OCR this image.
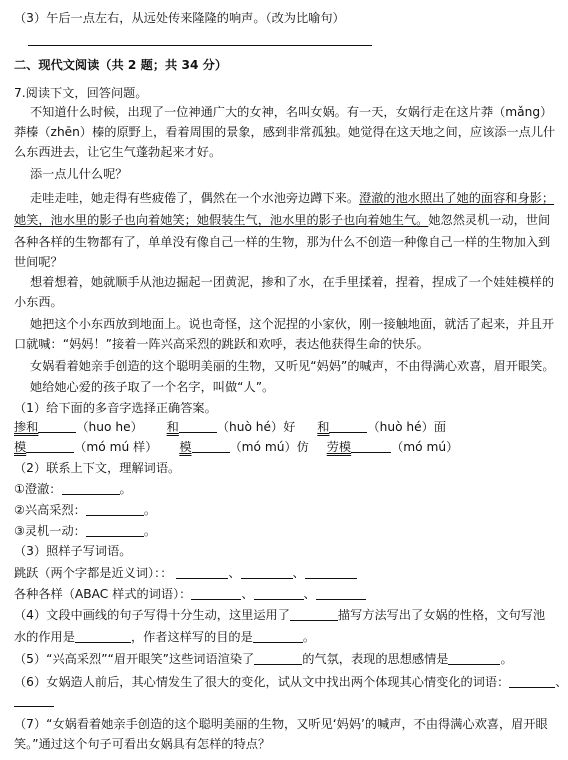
（3）午后一点左右，从远处传来隆隆的响声。（改为比喻句）
二、现代文阅读（共 2 题；共 34 分）
7.阅读下文，回答问题。
不知道什么时候，出现了一位神通广大的女神，名叫女娲。有一天，女娲行走在这片莽（mǎng）
莽榛（zhēn）榛的原野上，看着周围的景象，感到非常孤独。她觉得在这天地之间，应该添一点儿什
么东西进去，让它生气蓬勃起来才好。
添一点儿什么呢？
走哇走哇，她走得有些疲倦了，偶然在一个水池旁边蹲下来。澄澈的池水照出了她的面容和身影；
她笑，池水里的影子也向着她笑；她假装生气，池水里的影子也向着她生气。她忽然灵机一动，世间
各种各样的生物都有了，单单没有像自己一样的生物，那为什么不创造一种像自己一样的生物加入到
世间呢？
想着想着，她就顺手从池边掘起一团黄泥，掺和了水，在手里揉着，捏着，捏成了一个娃娃模样的
小东西。
她把这个小东西放到地面上。说也奇怪，这个泥捏的小家伙，刚一接触地面，就活了起来，并且开
口就喊：“妈妈！”接着一阵兴高采烈的跳跃和欢呼，表达他获得生命的快乐。
女娲看着她亲手创造的这个聪明美丽的生物，又听见“妈妈”的喊声，不由得满心欢喜，眉开眼笑。
她给她心爱的孩子取了一个名字，叫做“人”。
（1）给下面的多音字选择正确答案。
掺和	（huo he） 和	（huò hé）好 和	（huò hé）面
模	（mó mú 样） 模	（mó mú）仿 劳模	（mó mú）
（2）联系上下文，理解词语。
①澄澈：	。
②兴高采烈：	。
③灵机一动：	。
（3）照样子写词语。
跳跃（两个字都是近义词）：：	、	、
各种各样（ABAC 样式的词语）：	、	、
（4）文段中画线的句子写得十分生动，这里运用了	描写方法写出了女娲的性格，文句写池
水的作用是	，作者这样写的目的是	。
（5）“兴高采烈”“眉开眼笑”这些词语渲染了	的气氛，表现的思想感情是	。
（6）女娲造人前后，其心情发生了很大的变化，试从文中找出两个体现其心情变化的词语：	、
（7）“女娲看着她亲手创造的这个聪明美丽的生物，又听见‘妈妈’的喊声，不由得满心欢喜，眉开眼
笑。”通过这个句子可看出女娲具有怎样的特点？
